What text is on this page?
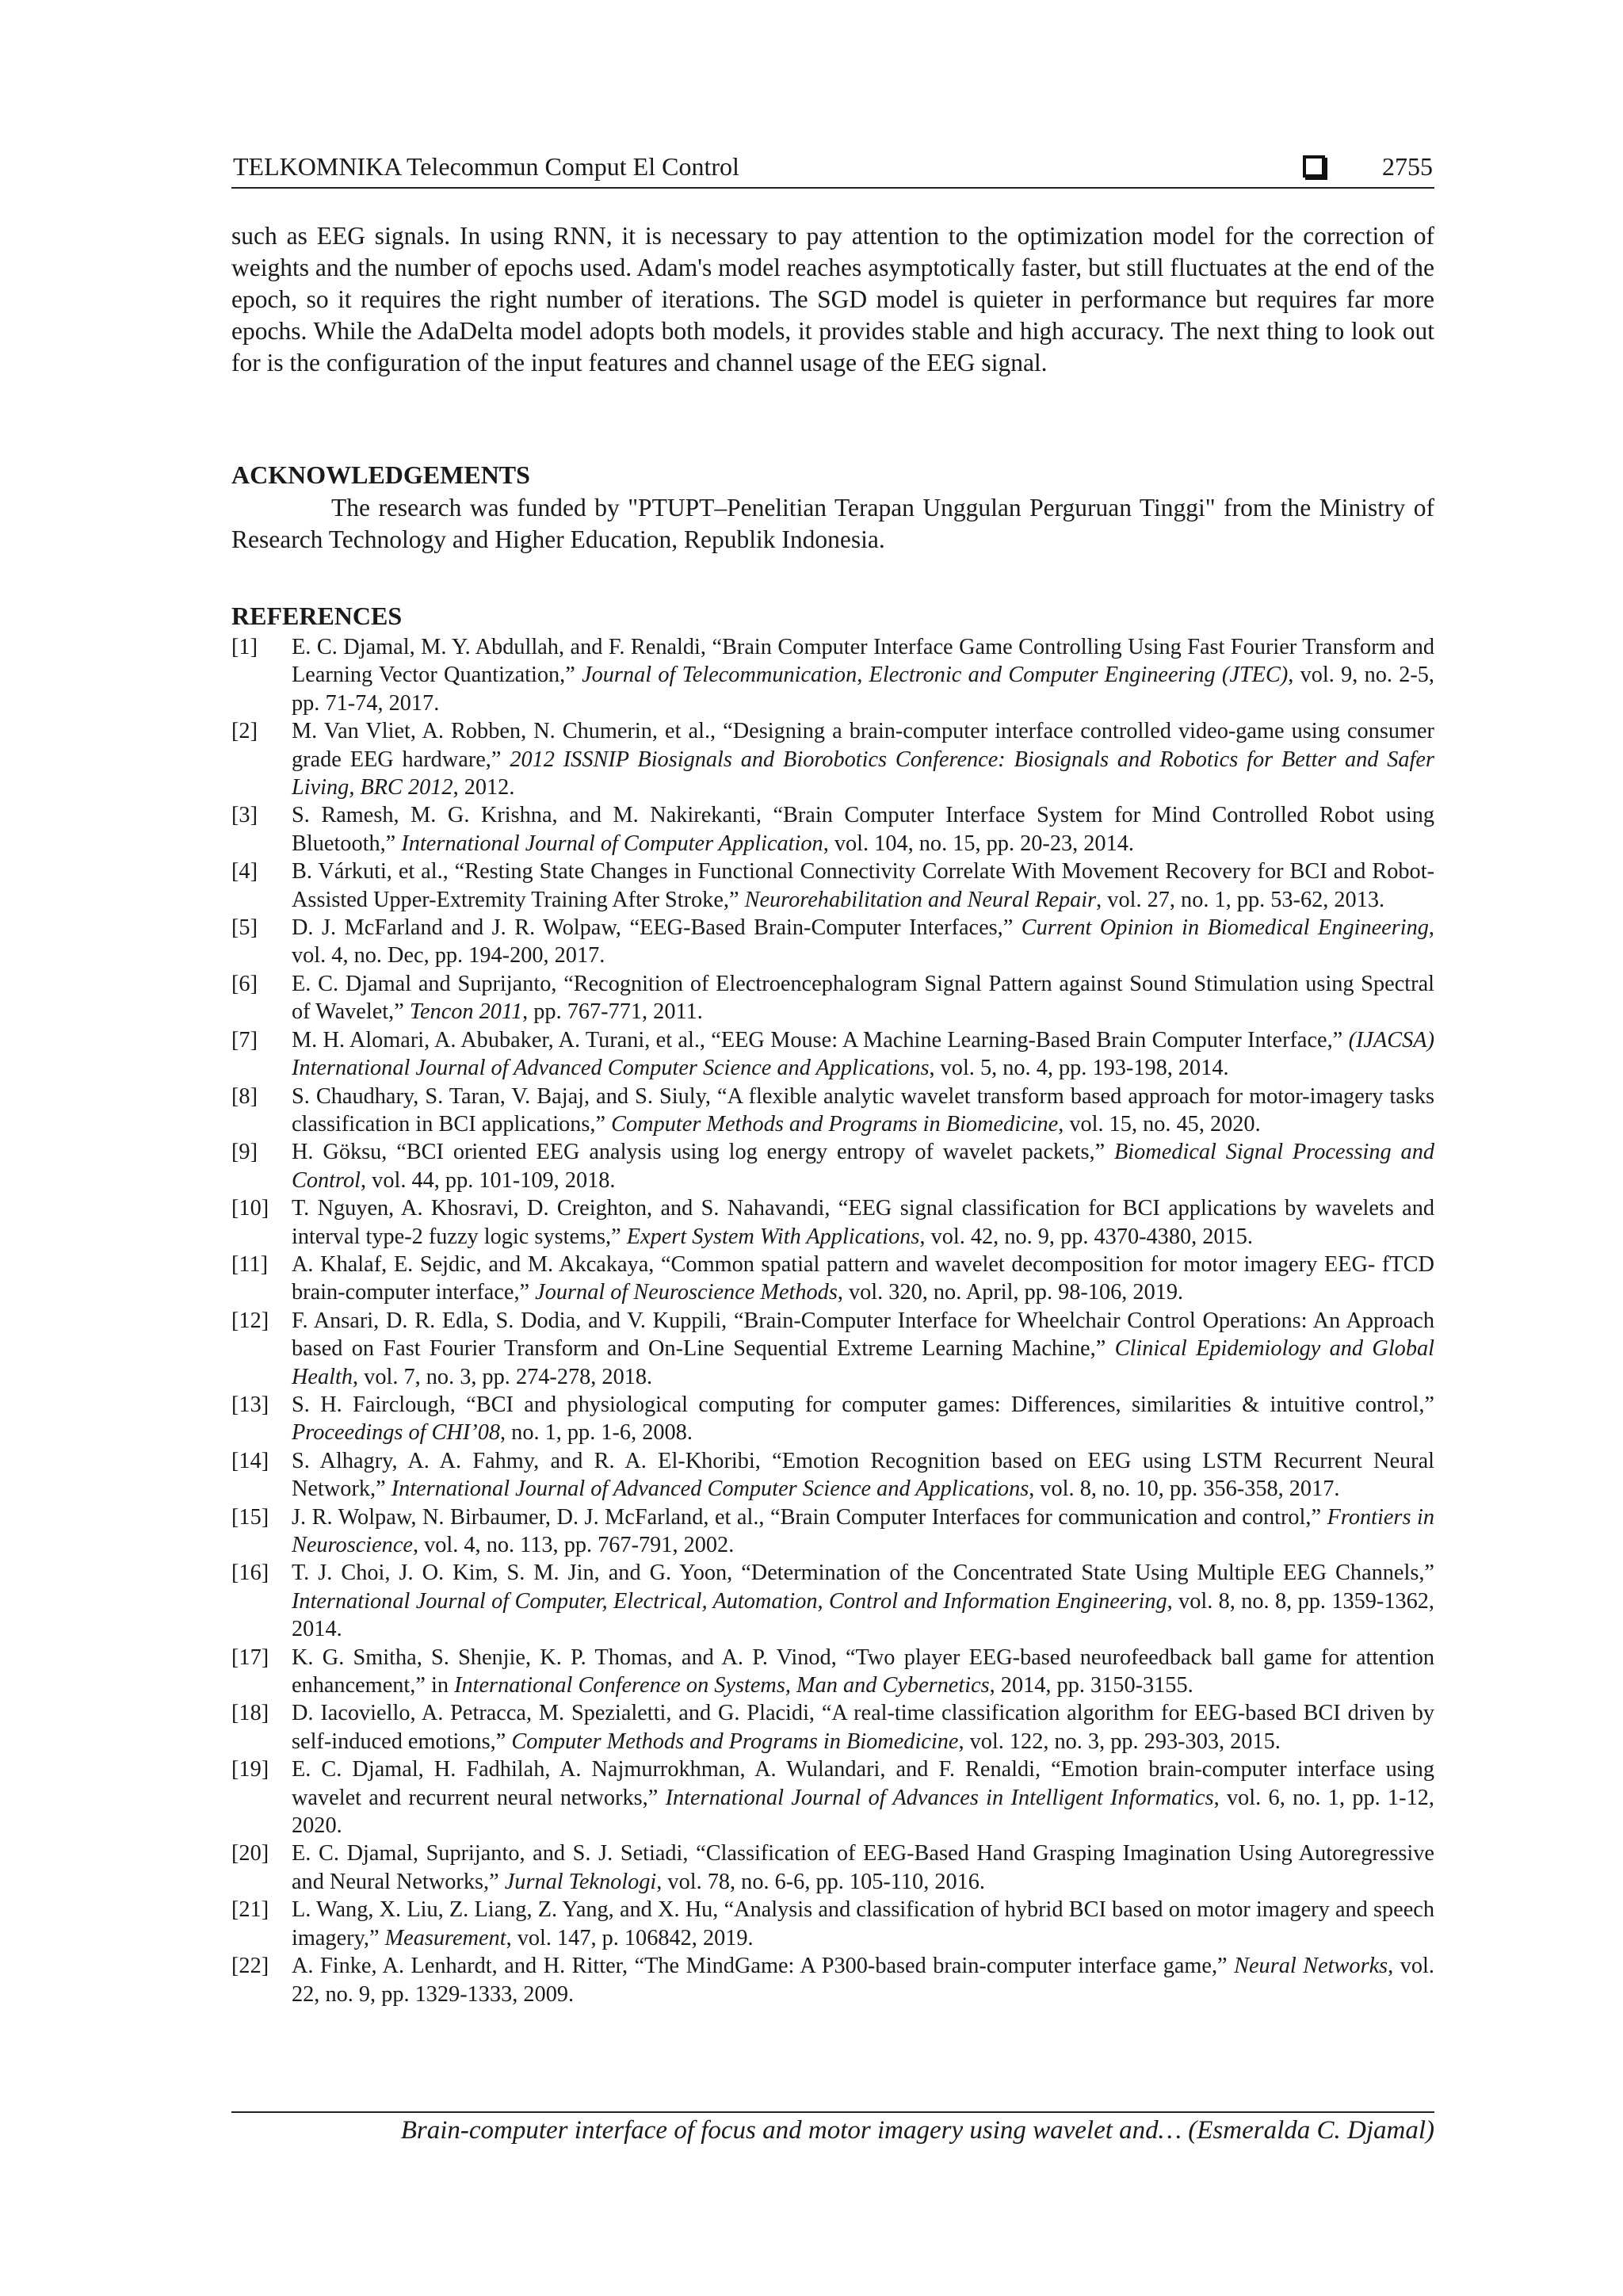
TELKOMNIKA Telecommun Comput El Control	2755

such as EEG signals. In using RNN, it is necessary to pay attention to the optimization model for the correction of weights and the number of epochs used. Adam's model reaches asymptotically faster, but still fluctuates at the end of the epoch, so it requires the right number of iterations. The SGD model is quieter in performance but requires far more epochs. While the AdaDelta model adopts both models, it provides stable and high accuracy. The next thing to look out for is the configuration of the input features and channel usage of the EEG signal.

ACKNOWLEDGEMENTS

The research was funded by "PTUPT–Penelitian Terapan Unggulan Perguruan Tinggi" from the Ministry of Research Technology and Higher Education, Republik Indonesia.

REFERENCES
[1]	E. C. Djamal, M. Y. Abdullah, and F. Renaldi, “Brain Computer Interface Game Controlling Using Fast Fourier Transform and Learning Vector Quantization,” Journal of Telecommunication, Electronic and Computer Engineering (JTEC), vol. 9, no. 2-5, pp. 71-74, 2017.
[2]	M. Van Vliet, A. Robben, N. Chumerin, et al., “Designing a brain-computer interface controlled video-game using consumer grade EEG hardware,” 2012 ISSNIP Biosignals and Biorobotics Conference: Biosignals and Robotics for Better and Safer Living, BRC 2012, 2012.
[3]	S. Ramesh, M. G. Krishna, and M. Nakirekanti, “Brain Computer Interface System for Mind Controlled Robot using Bluetooth,” International Journal of Computer Application, vol. 104, no. 15, pp. 20-23, 2014.
[4]	B. Várkuti, et al., “Resting State Changes in Functional Connectivity Correlate With Movement Recovery for BCI and Robot-Assisted Upper-Extremity Training After Stroke,” Neurorehabilitation and Neural Repair, vol. 27, no. 1, pp. 53-62, 2013.
[5]	D. J. McFarland and J. R. Wolpaw, “EEG-Based Brain-Computer Interfaces,” Current Opinion in Biomedical Engineering, vol. 4, no. Dec, pp. 194-200, 2017.
[6]	E. C. Djamal and Suprijanto, “Recognition of Electroencephalogram Signal Pattern against Sound Stimulation using Spectral of Wavelet,” Tencon 2011, pp. 767-771, 2011.
[7]	M. H. Alomari, A. Abubaker, A. Turani, et al., “EEG Mouse: A Machine Learning-Based Brain Computer Interface,” (IJACSA) International Journal of Advanced Computer Science and Applications, vol. 5, no. 4, pp. 193-198, 2014.
[8]	S. Chaudhary, S. Taran, V. Bajaj, and S. Siuly, “A flexible analytic wavelet transform based approach for motor-imagery tasks classification in BCI applications,” Computer Methods and Programs in Biomedicine, vol. 15, no. 45, 2020.
[9]	H. Göksu, “BCI oriented EEG analysis using log energy entropy of wavelet packets,” Biomedical Signal Processing and Control, vol. 44, pp. 101-109, 2018.
[10]	T. Nguyen, A. Khosravi, D. Creighton, and S. Nahavandi, “EEG signal classification for BCI applications by wavelets and interval type-2 fuzzy logic systems,” Expert System With Applications, vol. 42, no. 9, pp. 4370-4380, 2015.
[11]	A. Khalaf, E. Sejdic, and M. Akcakaya, “Common spatial pattern and wavelet decomposition for motor imagery EEG- fTCD brain-computer interface,” Journal of Neuroscience Methods, vol. 320, no. April, pp. 98-106, 2019.
[12]	F. Ansari, D. R. Edla, S. Dodia, and V. Kuppili, “Brain-Computer Interface for Wheelchair Control Operations: An Approach based on Fast Fourier Transform and On-Line Sequential Extreme Learning Machine,” Clinical Epidemiology and Global Health, vol. 7, no. 3, pp. 274-278, 2018.
[13]	S. H. Fairclough, “BCI and physiological computing for computer games: Differences, similarities & intuitive control,” Proceedings of CHI’08, no. 1, pp. 1-6, 2008.
[14]	S. Alhagry, A. A. Fahmy, and R. A. El-Khoribi, “Emotion Recognition based on EEG using LSTM Recurrent Neural Network,” International Journal of Advanced Computer Science and Applications, vol. 8, no. 10, pp. 356-358, 2017.
[15]	J. R. Wolpaw, N. Birbaumer, D. J. McFarland, et al., “Brain Computer Interfaces for communication and control,” Frontiers in Neuroscience, vol. 4, no. 113, pp. 767-791, 2002.
[16]	T. J. Choi, J. O. Kim, S. M. Jin, and G. Yoon, “Determination of the Concentrated State Using Multiple EEG Channels,” International Journal of Computer, Electrical, Automation, Control and Information Engineering, vol. 8, no. 8, pp. 1359-1362, 2014.
[17]	K. G. Smitha, S. Shenjie, K. P. Thomas, and A. P. Vinod, “Two player EEG-based neurofeedback ball game for attention enhancement,” in International Conference on Systems, Man and Cybernetics, 2014, pp. 3150-3155.
[18]	D. Iacoviello, A. Petracca, M. Spezialetti, and G. Placidi, “A real-time classification algorithm for EEG-based BCI driven by self-induced emotions,” Computer Methods and Programs in Biomedicine, vol. 122, no. 3, pp. 293-303, 2015.
[19]	E. C. Djamal, H. Fadhilah, A. Najmurrokhman, A. Wulandari, and F. Renaldi, “Emotion brain-computer interface using wavelet and recurrent neural networks,” International Journal of Advances in Intelligent Informatics, vol. 6, no. 1, pp. 1-12, 2020.
[20]	E. C. Djamal, Suprijanto, and S. J. Setiadi, “Classification of EEG-Based Hand Grasping Imagination Using Autoregressive and Neural Networks,” Jurnal Teknologi, vol. 78, no. 6-6, pp. 105-110, 2016.
[21]	L. Wang, X. Liu, Z. Liang, Z. Yang, and X. Hu, “Analysis and classification of hybrid BCI based on motor imagery and speech imagery,” Measurement, vol. 147, p. 106842, 2019.
[22]	A. Finke, A. Lenhardt, and H. Ritter, “The MindGame: A P300-based brain-computer interface game,” Neural Networks, vol. 22, no. 9, pp. 1329-1333, 2009.
Brain-computer interface of focus and motor imagery using wavelet and… (Esmeralda C. Djamal)
